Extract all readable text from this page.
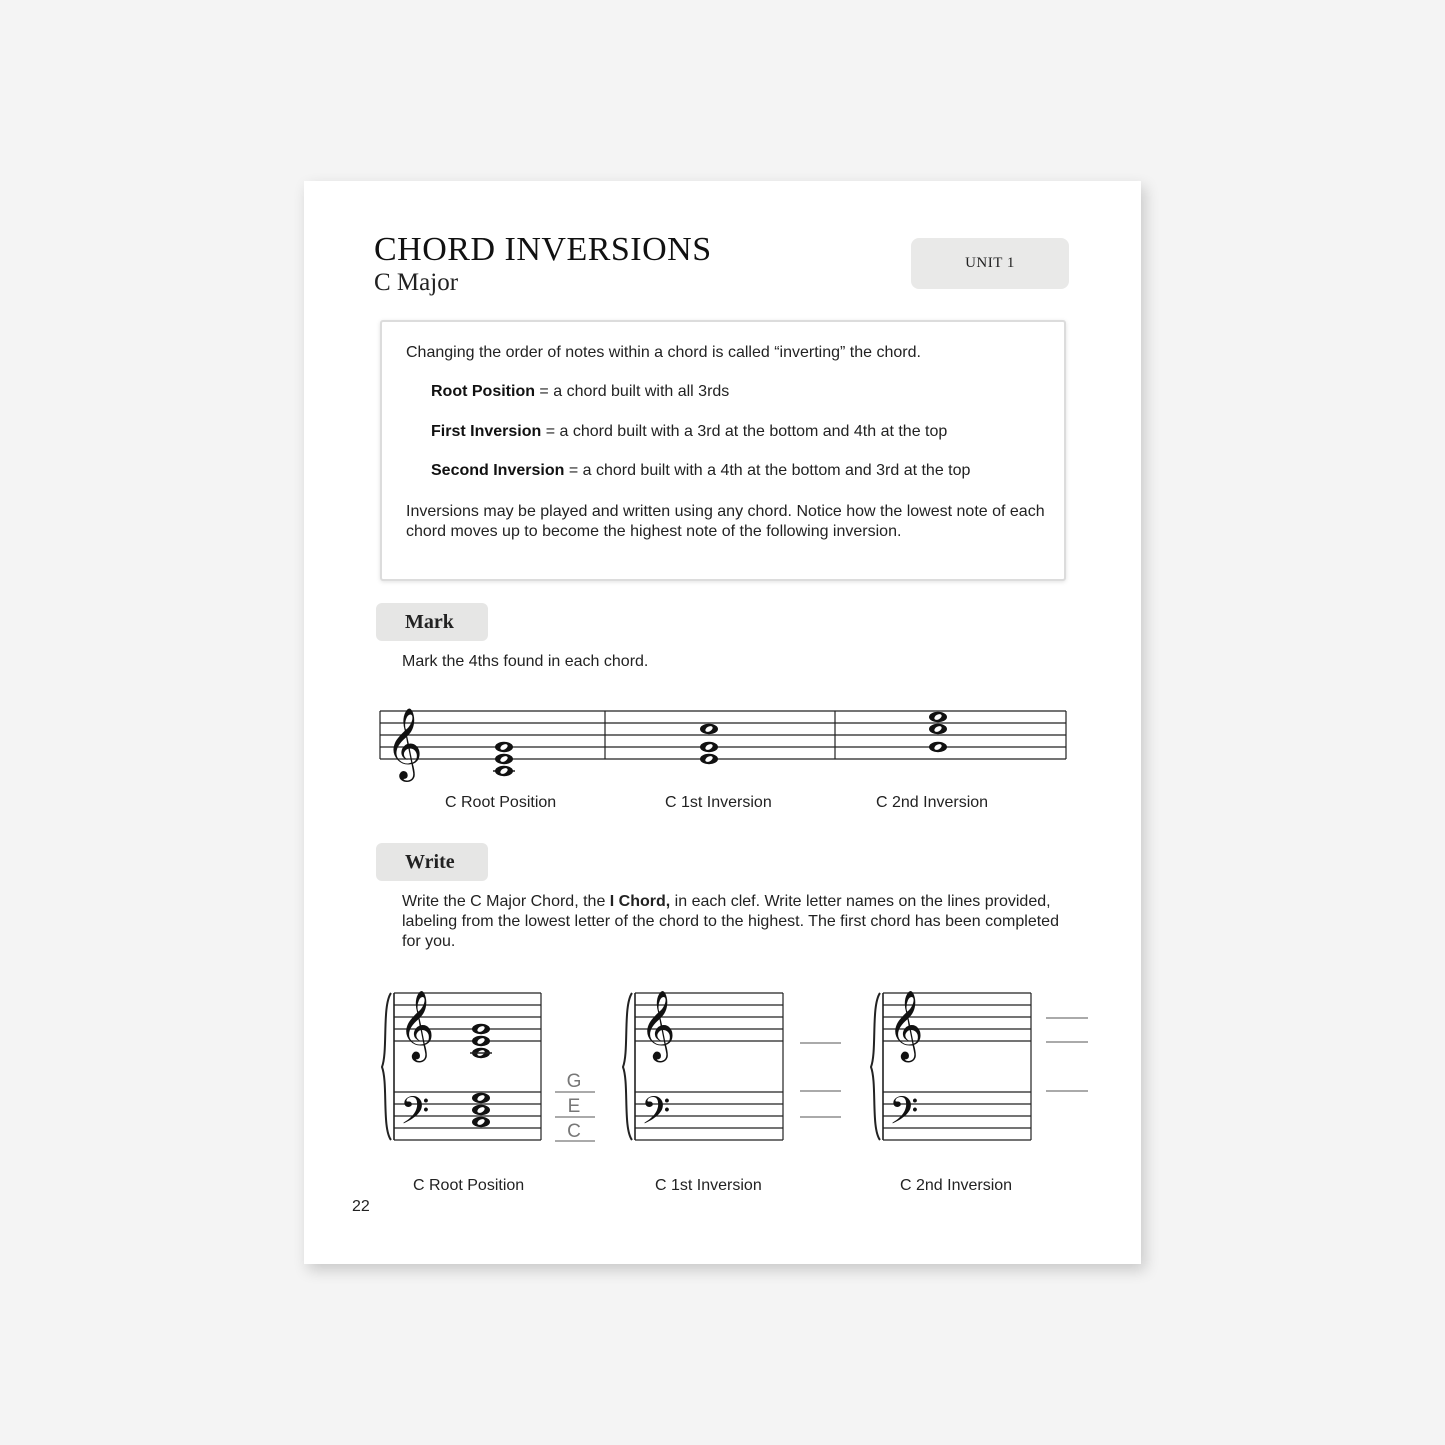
CHORD INVERSIONS
C Major
UNIT 1
Changing the order of notes within a chord is called “inverting” the chord.
Root Position = a chord built with all 3rds
First Inversion = a chord built with a 3rd at the bottom and 4th at the top
Second Inversion = a chord built with a 4th at the bottom and 3rd at the top
Inversions may be played and written using any chord. Notice how the lowest note of each chord moves up to become the highest note of the following inversion.
Mark
Mark the 4ths found in each chord.
𝄞
C Root Position	C 1st Inversion	C 2nd Inversion
Write
Write the C Major Chord, the I Chord, in each clef. Write letter names on the lines provided, labeling from the lowest letter of the chord to the highest. The first chord has been completed for you.
𝄞
𝄢
𝄞
𝄢
𝄞
𝄢
G
E
C
C Root Position	C 1st Inversion	C 2nd Inversion
22
